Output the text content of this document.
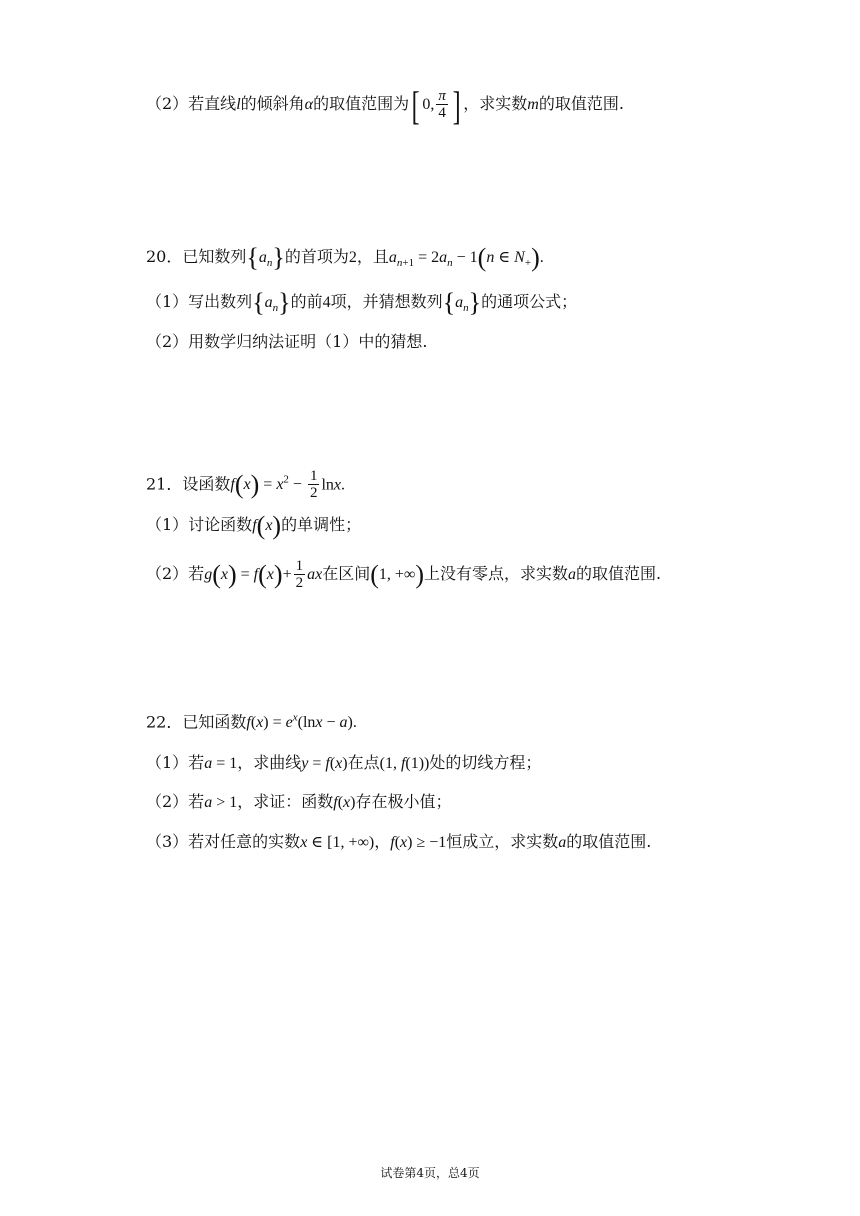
（2）若直线l的倾斜角α的取值范围为[ 0, $\frac{\pi}{4}$ ] ，求实数m的取值范围.
20．已知数列$\{a_n\}$的首项为2，且$a_{n+1} = 2a_n - 1(n$ ∈ $N_+$).
（1）写出数列$\{a_n\}$的前4项，并猜想数列$\{a_n\}$的通项公式；
（2）用数学归纳法证明（1）中的猜想.
21．设函数$f(x) = x^2 - \frac{1}{2} \ln x$.
（1）讨论函数f(x)的单调性；
（2）若$g(x) = f(x)+ \frac{1}{2}$ ax在区间(1, +∞)上没有零点，求实数a的取值范围.
22．已知函数$f(x) = e^x(\ln x - a)$.
（1）若a = 1，求曲线y = f(x)在点(1, f(1))处的切线方程；
（2）若a > 1，求证：函数f(x)存在极小值；
（3）若对任意的实数x ∈ [1, +∞)，f(x) ≥ −1恒成立，求实数a的取值范围.
试卷第4页，总4页
